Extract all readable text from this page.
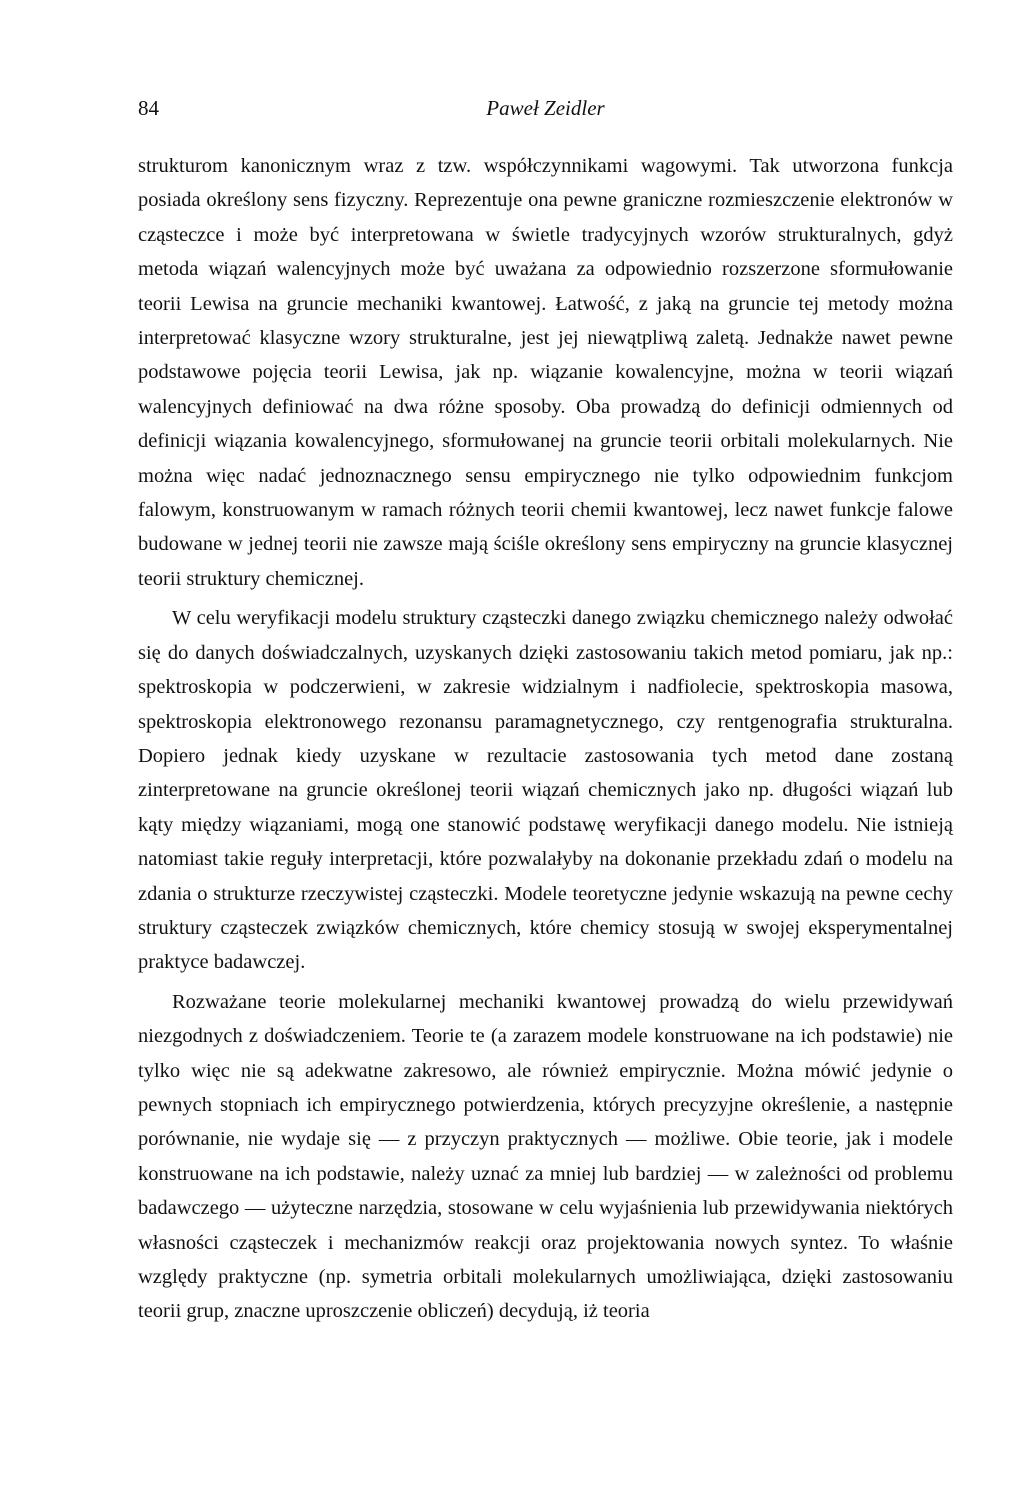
84	Paweł Zeidler

strukturom kanonicznym wraz z tzw. współczynnikami wagowymi. Tak utworzona funkcja posiada określony sens fizyczny. Reprezentuje ona pewne graniczne rozmieszczenie elektronów w cząsteczce i może być interpretowana w świetle tradycyjnych wzorów strukturalnych, gdyż metoda wiązań walencyjnych może być uważana za odpowiednio rozszerzone sformułowanie teorii Lewisa na gruncie mechaniki kwantowej. Łatwość, z jaką na gruncie tej metody można interpretować klasyczne wzory strukturalne, jest jej niewątpliwą zaletą. Jednakże nawet pewne podstawowe pojęcia teorii Lewisa, jak np. wiązanie kowalencyjne, można w teorii wiązań walencyjnych definiować na dwa różne sposoby. Oba prowadzą do definicji odmiennych od definicji wiązania kowalencyjnego, sformułowanej na gruncie teorii orbitali molekularnych. Nie można więc nadać jednoznacznego sensu empirycznego nie tylko odpowiednim funkcjom falowym, konstruowanym w ramach różnych teorii chemii kwantowej, lecz nawet funkcje falowe budowane w jednej teorii nie zawsze mają ściśle określony sens empiryczny na gruncie klasycznej teorii struktury chemicznej.

W celu weryfikacji modelu struktury cząsteczki danego związku chemicznego należy odwołać się do danych doświadczalnych, uzyskanych dzięki zastosowaniu takich metod pomiaru, jak np.: spektroskopia w podczerwieni, w zakresie widzialnym i nadfiolecie, spektroskopia masowa, spektroskopia elektronowego rezonansu paramagnetycznego, czy rentgenografia strukturalna. Dopiero jednak kiedy uzyskane w rezultacie zastosowania tych metod dane zostaną zinterpretowane na gruncie określonej teorii wiązań chemicznych jako np. długości wiązań lub kąty między wiązaniami, mogą one stanowić podstawę weryfikacji danego modelu. Nie istnieją natomiast takie reguły interpretacji, które pozwalałyby na dokonanie przekładu zdań o modelu na zdania o strukturze rzeczywistej cząsteczki. Modele teoretyczne jedynie wskazują na pewne cechy struktury cząsteczek związków chemicznych, które chemicy stosują w swojej eksperymentalnej praktyce badawczej.

Rozważane teorie molekularnej mechaniki kwantowej prowadzą do wielu przewidywań niezgodnych z doświadczeniem. Teorie te (a zarazem modele konstruowane na ich podstawie) nie tylko więc nie są adekwatne zakresowo, ale również empirycznie. Można mówić jedynie o pewnych stopniach ich empirycznego potwierdzenia, których precyzyjne określenie, a następnie porównanie, nie wydaje się — z przyczyn praktycznych — możliwe. Obie teorie, jak i modele konstruowane na ich podstawie, należy uznać za mniej lub bardziej — w zależności od problemu badawczego — użyteczne narzędzia, stosowane w celu wyjaśnienia lub przewidywania niektórych własności cząsteczek i mechanizmów reakcji oraz projektowania nowych syntez. To właśnie względy praktyczne (np. symetria orbitali molekularnych umożliwiająca, dzięki zastosowaniu teorii grup, znaczne uproszczenie obliczeń) decydują, iż teoria
